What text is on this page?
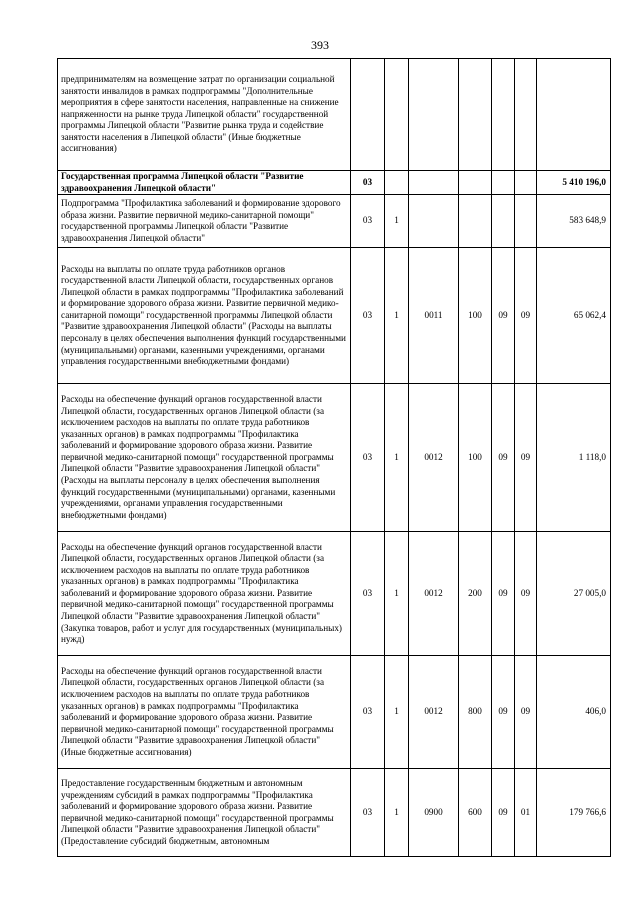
393
предпринимателям на возмещение затрат по организации социальной занятости инвалидов в рамках подпрограммы "Дополнительные мероприятия в сфере занятости населения, направленные на снижение напряженности на рынке труда Липецкой области" государственной программы Липецкой области "Развитие рынка труда и содействие занятости населения в Липецкой области" (Иные бюджетные ассигнования)							
Государственная программа Липецкой области "Развитие здравоохранения Липецкой области"	03						5 410 196,0
Подпрограмма "Профилактика заболеваний и формирование здорового образа жизни. Развитие первичной медико-санитарной помощи" государственной программы Липецкой области "Развитие здравоохранения Липецкой области"	03	1					583 648,9
Расходы на выплаты по оплате труда работников органов государственной власти Липецкой области, государственных органов Липецкой области в рамках подпрограммы "Профилактика заболеваний и формирование здорового образа жизни. Развитие первичной медико-санитарной помощи" государственной программы Липецкой области "Развитие здравоохранения Липецкой области" (Расходы на выплаты персоналу в целях обеспечения выполнения функций государственными (муниципальными) органами, казенными учреждениями, органами управления государственными внебюджетными фондами)	03	1	0011	100	09	09	65 062,4
Расходы на обеспечение функций органов государственной власти Липецкой области, государственных органов Липецкой области (за исключением расходов на выплаты по оплате труда работников указанных органов) в рамках подпрограммы "Профилактика заболеваний и формирование здорового образа жизни. Развитие первичной медико-санитарной помощи" государственной программы Липецкой области "Развитие здравоохранения Липецкой области" (Расходы на выплаты персоналу в целях обеспечения выполнения функций государственными (муниципальными) органами, казенными учреждениями, органами управления государственными внебюджетными фондами)	03	1	0012	100	09	09	1 118,0
Расходы на обеспечение функций органов государственной власти Липецкой области, государственных органов Липецкой области (за исключением расходов на выплаты по оплате труда работников указанных органов) в рамках подпрограммы "Профилактика заболеваний и формирование здорового образа жизни. Развитие первичной медико-санитарной помощи" государственной программы Липецкой области "Развитие здравоохранения Липецкой области" (Закупка товаров, работ и услуг для государственных (муниципальных) нужд)	03	1	0012	200	09	09	27 005,0
Расходы на обеспечение функций органов государственной власти Липецкой области, государственных органов Липецкой области (за исключением расходов на выплаты по оплате труда работников указанных органов) в рамках подпрограммы "Профилактика заболеваний и формирование здорового образа жизни. Развитие первичной медико-санитарной помощи" государственной программы Липецкой области "Развитие здравоохранения Липецкой области" (Иные бюджетные ассигнования)	03	1	0012	800	09	09	406,0
Предоставление государственным бюджетным и автономным учреждениям субсидий в рамках подпрограммы "Профилактика заболеваний и формирование здорового образа жизни. Развитие первичной медико-санитарной помощи" государственной программы Липецкой области "Развитие здравоохранения Липецкой области" (Предоставление субсидий бюджетным, автономным	03	1	0900	600	09	01	179 766,6
